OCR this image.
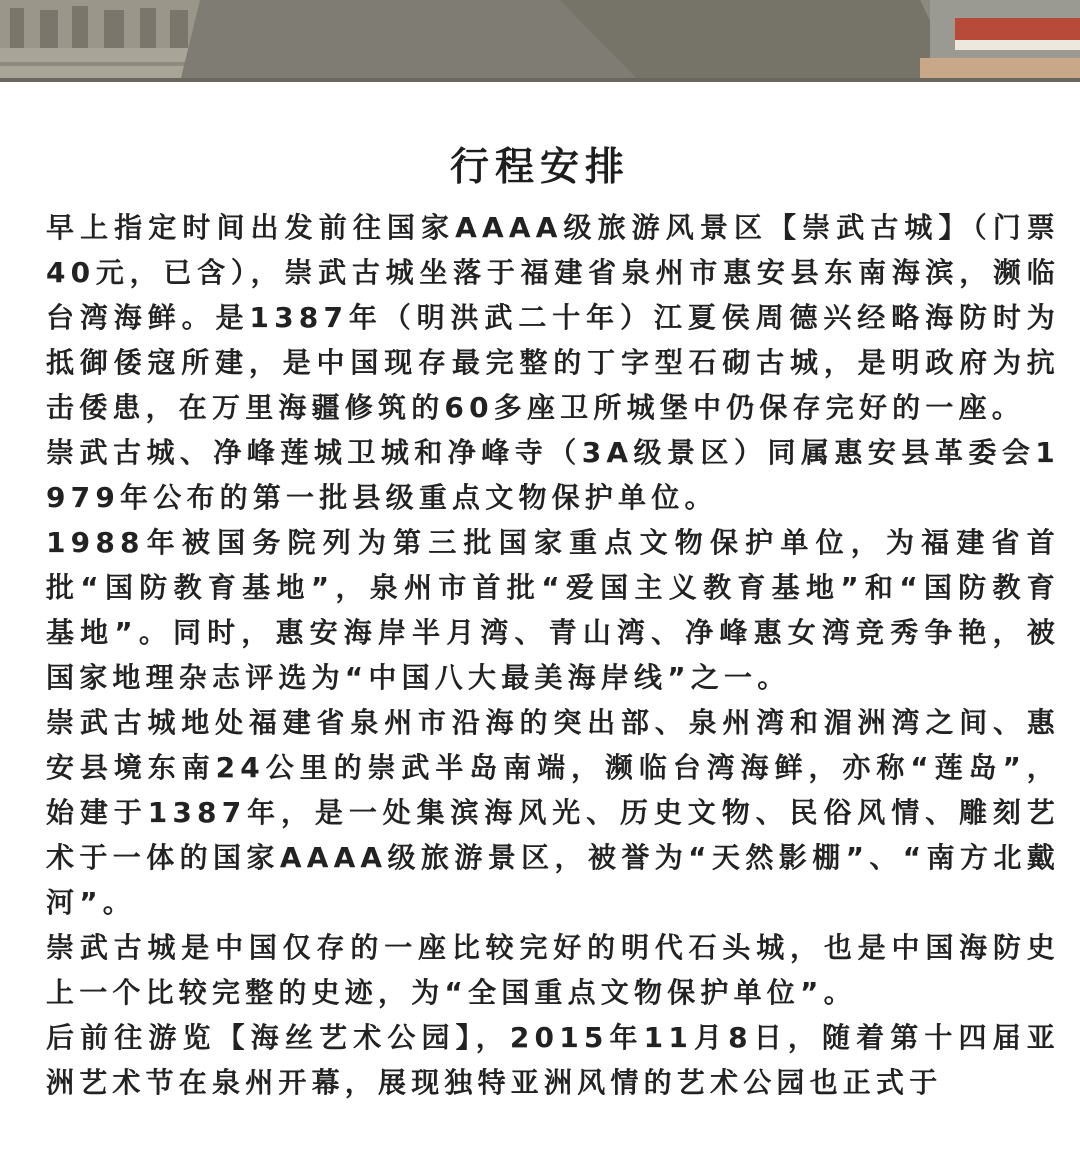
行程安排

早上指定时间出发前往国家AAAA级旅游风景区【崇武古城】（门票40元，已含），崇武古城坐落于福建省泉州市惠安县东南海滨，濒临台湾海鲜。是1387年（明洪武二十年）江夏侯周德兴经略海防时为抵御倭寇所建，是中国现存最完整的丁字型石砌古城，是明政府为抗击倭患，在万里海疆修筑的60多座卫所城堡中仍保存完好的一座。

崇武古城、净峰莲城卫城和净峰寺（3A级景区）同属惠安县革委会1979年公布的第一批县级重点文物保护单位。

1988年被国务院列为第三批国家重点文物保护单位，为福建省首批“国防教育基地”，泉州市首批“爱国主义教育基地”和“国防教育基地”。同时，惠安海岸半月湾、青山湾、净峰惠女湾竞秀争艳，被国家地理杂志评选为“中国八大最美海岸线”之一。

崇武古城地处福建省泉州市沿海的突出部、泉州湾和湄洲湾之间、惠安县境东南24公里的崇武半岛南端，濒临台湾海鲜，亦称“莲岛”，始建于1387年，是一处集滨海风光、历史文物、民俗风情、雕刻艺术于一体的国家AAAA级旅游景区，被誉为“天然影棚”、“南方北戴河”。

崇武古城是中国仅存的一座比较完好的明代石头城，也是中国海防史上一个比较完整的史迹，为“全国重点文物保护单位”。

后前往游览【海丝艺术公园】，2015年11月8日，随着第十四届亚洲艺术节在泉州开幕，展现独特亚洲风情的艺术公园也正式于
